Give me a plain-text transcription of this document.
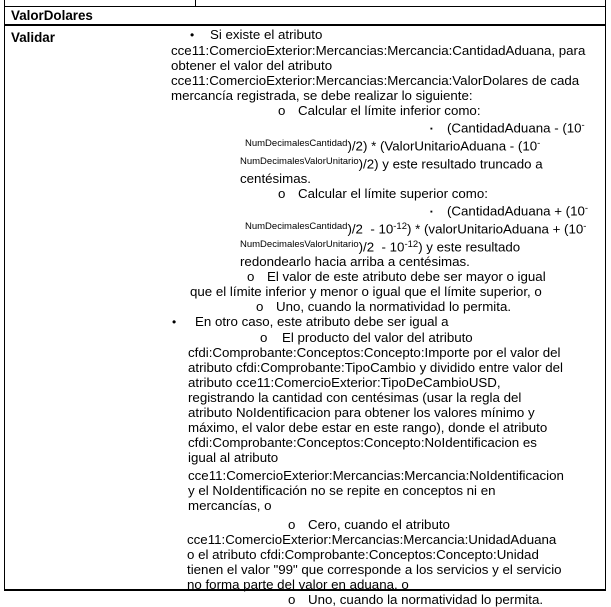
ValorDolares
Validar	• Si existe el atributo
cce11:ComercioExterior:Mercancias:Mercancia:CantidadAduana, para
obtener el valor del atributo
cce11:ComercioExterior:Mercancias:Mercancia:ValorDolares de cada
mercancía registrada, se debe realizar lo siguiente:
o Calcular el límite inferior como:
▪ (CantidadAduana - (10-
$^{NumDecimalesCantidad}$)/2) * (ValorUnitarioAduana - (10-
$^{NumDecimalesValorUnitario}$)/2) y este resultado truncado a
centésimas.
o Calcular el límite superior como:
▪ (CantidadAduana + (10-
$^{NumDecimalesCantidad})/2 - 10^{-12}$) * (valorUnitarioAduana + (10-
$^{NumDecimalesValorUnitario})/2 - 10^{-12}$) y este resultado
redondearlo hacia arriba a centésimas.
o El valor de este atributo debe ser mayor o igual
que el límite inferior y menor o igual que el límite superior, o
o Uno, cuando la normatividad lo permita.
• En otro caso, este atributo debe ser igual a
o El producto del valor del atributo
cfdi:Comprobante:Conceptos:Concepto:Importe por el valor del
atributo cfdi:Comprobante:TipoCambio y dividido entre valor del
atributo cce11:ComercioExterior:TipoDeCambioUSD,
registrando la cantidad con centésimas (usar la regla del
atributo NoIdentificacion para obtener los valores mínimo y
máximo, el valor debe estar en este rango), donde el atributo
cfdi:Comprobante:Conceptos:Concepto:NoIdentificacion es
igual al atributo
cce11:ComercioExterior:Mercancias:Mercancia:NoIdentificacion
y el NoIdentificación no se repite en conceptos ni en
mercancías, o
o Cero, cuando el atributo
cce11:ComercioExterior:Mercancias:Mercancia:UnidadAduana
o el atributo cfdi:Comprobante:Conceptos:Concepto:Unidad
tienen el valor "99" que corresponde a los servicios y el servicio
no forma parte del valor en aduana, o
o Uno, cuando la normatividad lo permita.
